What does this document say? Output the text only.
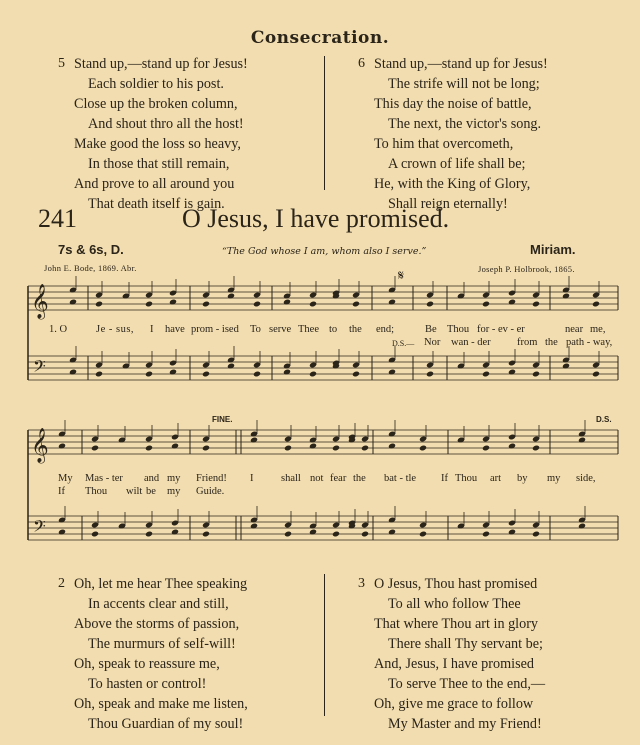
Consecration.
5 Stand up,—stand up for Jesus!
Each soldier to his post.
Close up the broken column,
And shout thro all the host!
Make good the loss so heavy,
In those that still remain,
And prove to all around you
That death itself is gain.
6 Stand up,—stand up for Jesus!
The strife will not be long;
This day the noise of battle,
The next, the victor's song.
To him that overcometh,
A crown of life shall be;
He, with the King of Glory,
Shall reign eternally!
241	O Jesus, I have promised.
7s & 6s, D.	“The God whose I am, whom also I serve.”	Miriam.
John E. Bode, 1869. Abr.	Joseph P. Holbrook, 1865.
𝄋
FINE.	D.S.
𝄞
𝄢
𝄞
𝄢
1. O	Je - sus, I have prom - ised To serve Thee to the end;	Be Thou for - ev - er	near me,
D.S.— Nor wan - der	from the path - way,
My Mas - ter and my Friend! I	shall not fear the bat - tle If Thou art by my side,
If Thou wilt be my Guide.
2 Oh, let me hear Thee speaking
In accents clear and still,
Above the storms of passion,
The murmurs of self-will!
Oh, speak to reassure me,
To hasten or control!
Oh, speak and make me listen,
Thou Guardian of my soul!
3 O Jesus, Thou hast promised
To all who follow Thee
That where Thou art in glory
There shall Thy servant be;
And, Jesus, I have promised
To serve Thee to the end,—
Oh, give me grace to follow
My Master and my Friend!
